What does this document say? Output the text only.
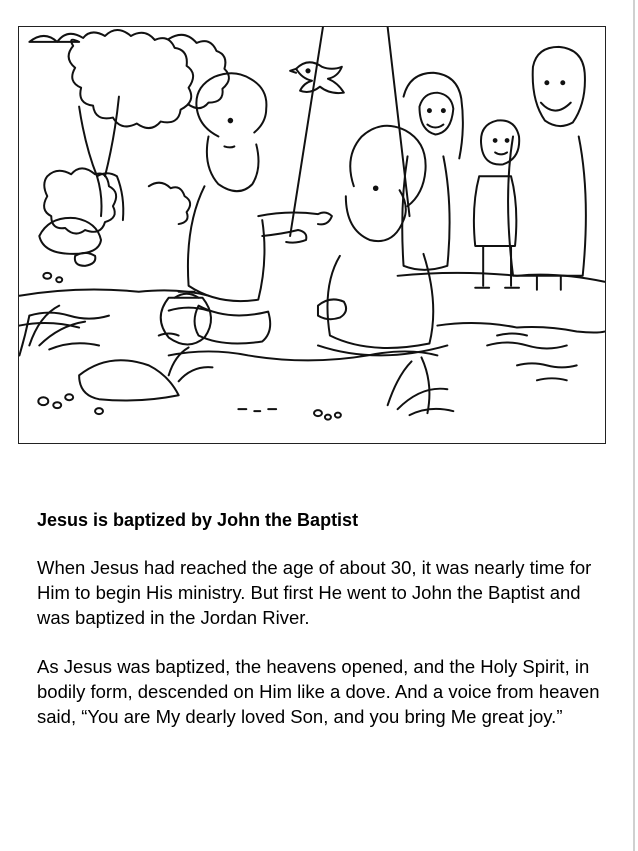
Jesus is baptized by John the Baptist

When Jesus had reached the age of about 30, it was nearly time for Him to begin His ministry. But first He went to John the Baptist and was baptized in the Jordan River.

As Jesus was baptized, the heavens opened, and the Holy Spirit, in bodily form, descended on Him like a dove. And a voice from heaven said, “You are My dearly loved Son, and you bring Me great joy.”
